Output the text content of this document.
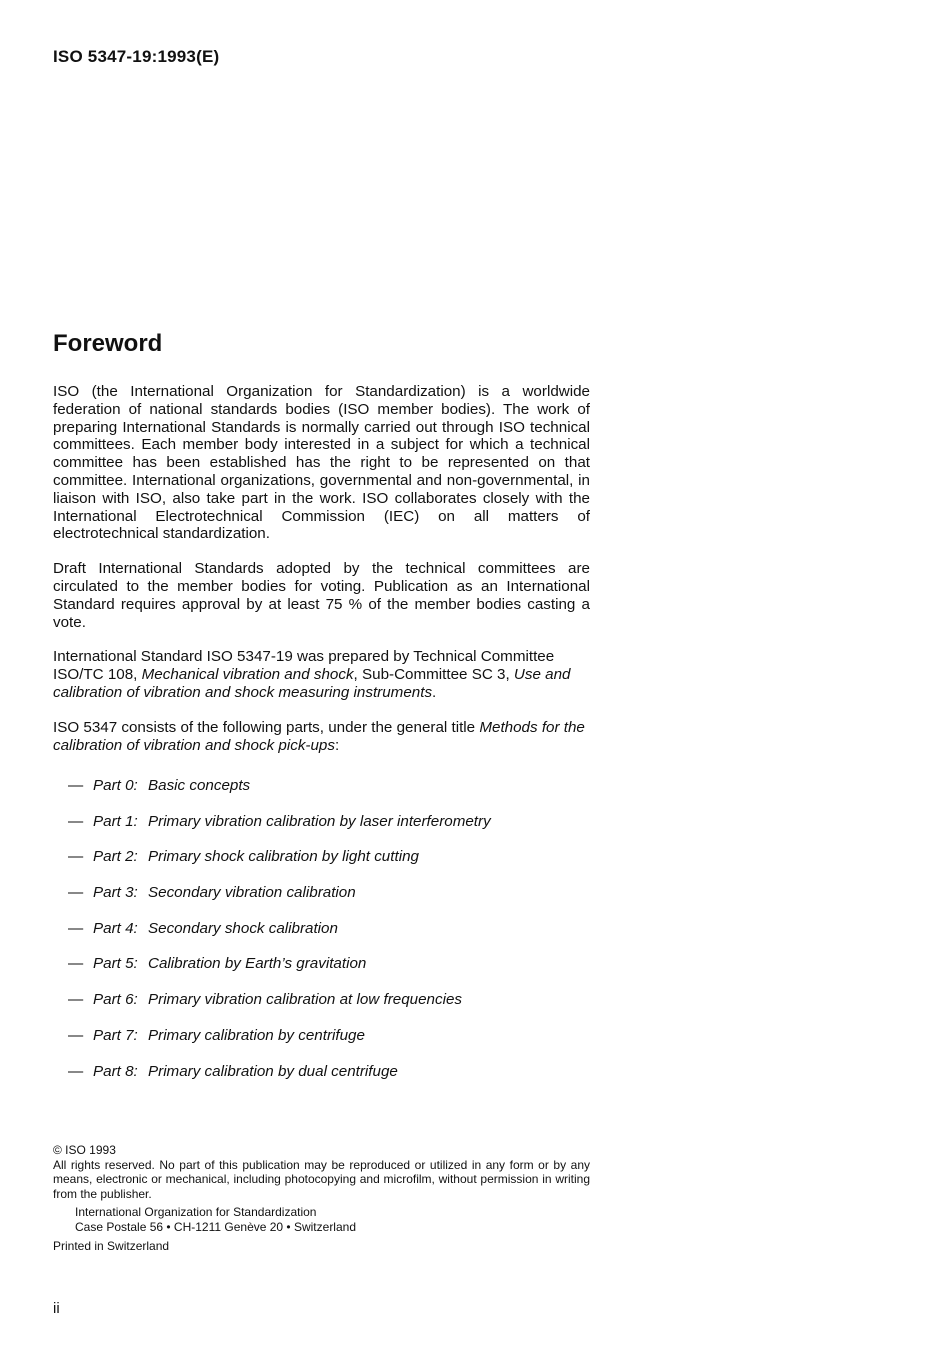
ISO 5347-19:1993(E)
Foreword

ISO (the International Organization for Standardization) is a worldwide federation of national standards bodies (ISO member bodies). The work of preparing International Standards is normally carried out through ISO technical committees. Each member body interested in a subject for which a technical committee has been established has the right to be represented on that committee. International organizations, governmental and non-governmental, in liaison with ISO, also take part in the work. ISO collaborates closely with the International Electrotechnical Commission (IEC) on all matters of electrotechnical standardization.

Draft International Standards adopted by the technical committees are circulated to the member bodies for voting. Publication as an International Standard requires approval by at least 75 % of the member bodies casting a vote.

International Standard ISO 5347-19 was prepared by Technical Committee ISO/TC 108, Mechanical vibration and shock, Sub-Committee SC 3, Use and calibration of vibration and shock measuring instruments.

ISO 5347 consists of the following parts, under the general title Methods for the calibration of vibration and shock pick-ups:

— Part 0: Basic concepts
— Part 1: Primary vibration calibration by laser interferometry
— Part 2: Primary shock calibration by light cutting
— Part 3: Secondary vibration calibration
— Part 4: Secondary shock calibration
— Part 5: Calibration by Earth’s gravitation
— Part 6: Primary vibration calibration at low frequencies
— Part 7: Primary calibration by centrifuge
— Part 8: Primary calibration by dual centrifuge
© ISO 1993
All rights reserved. No part of this publication may be reproduced or utilized in any form or by any means, electronic or mechanical, including photocopying and microfilm, without permission in writing from the publisher.
International Organization for Standardization
Case Postale 56 • CH-1211 Genève 20 • Switzerland
Printed in Switzerland
ii
